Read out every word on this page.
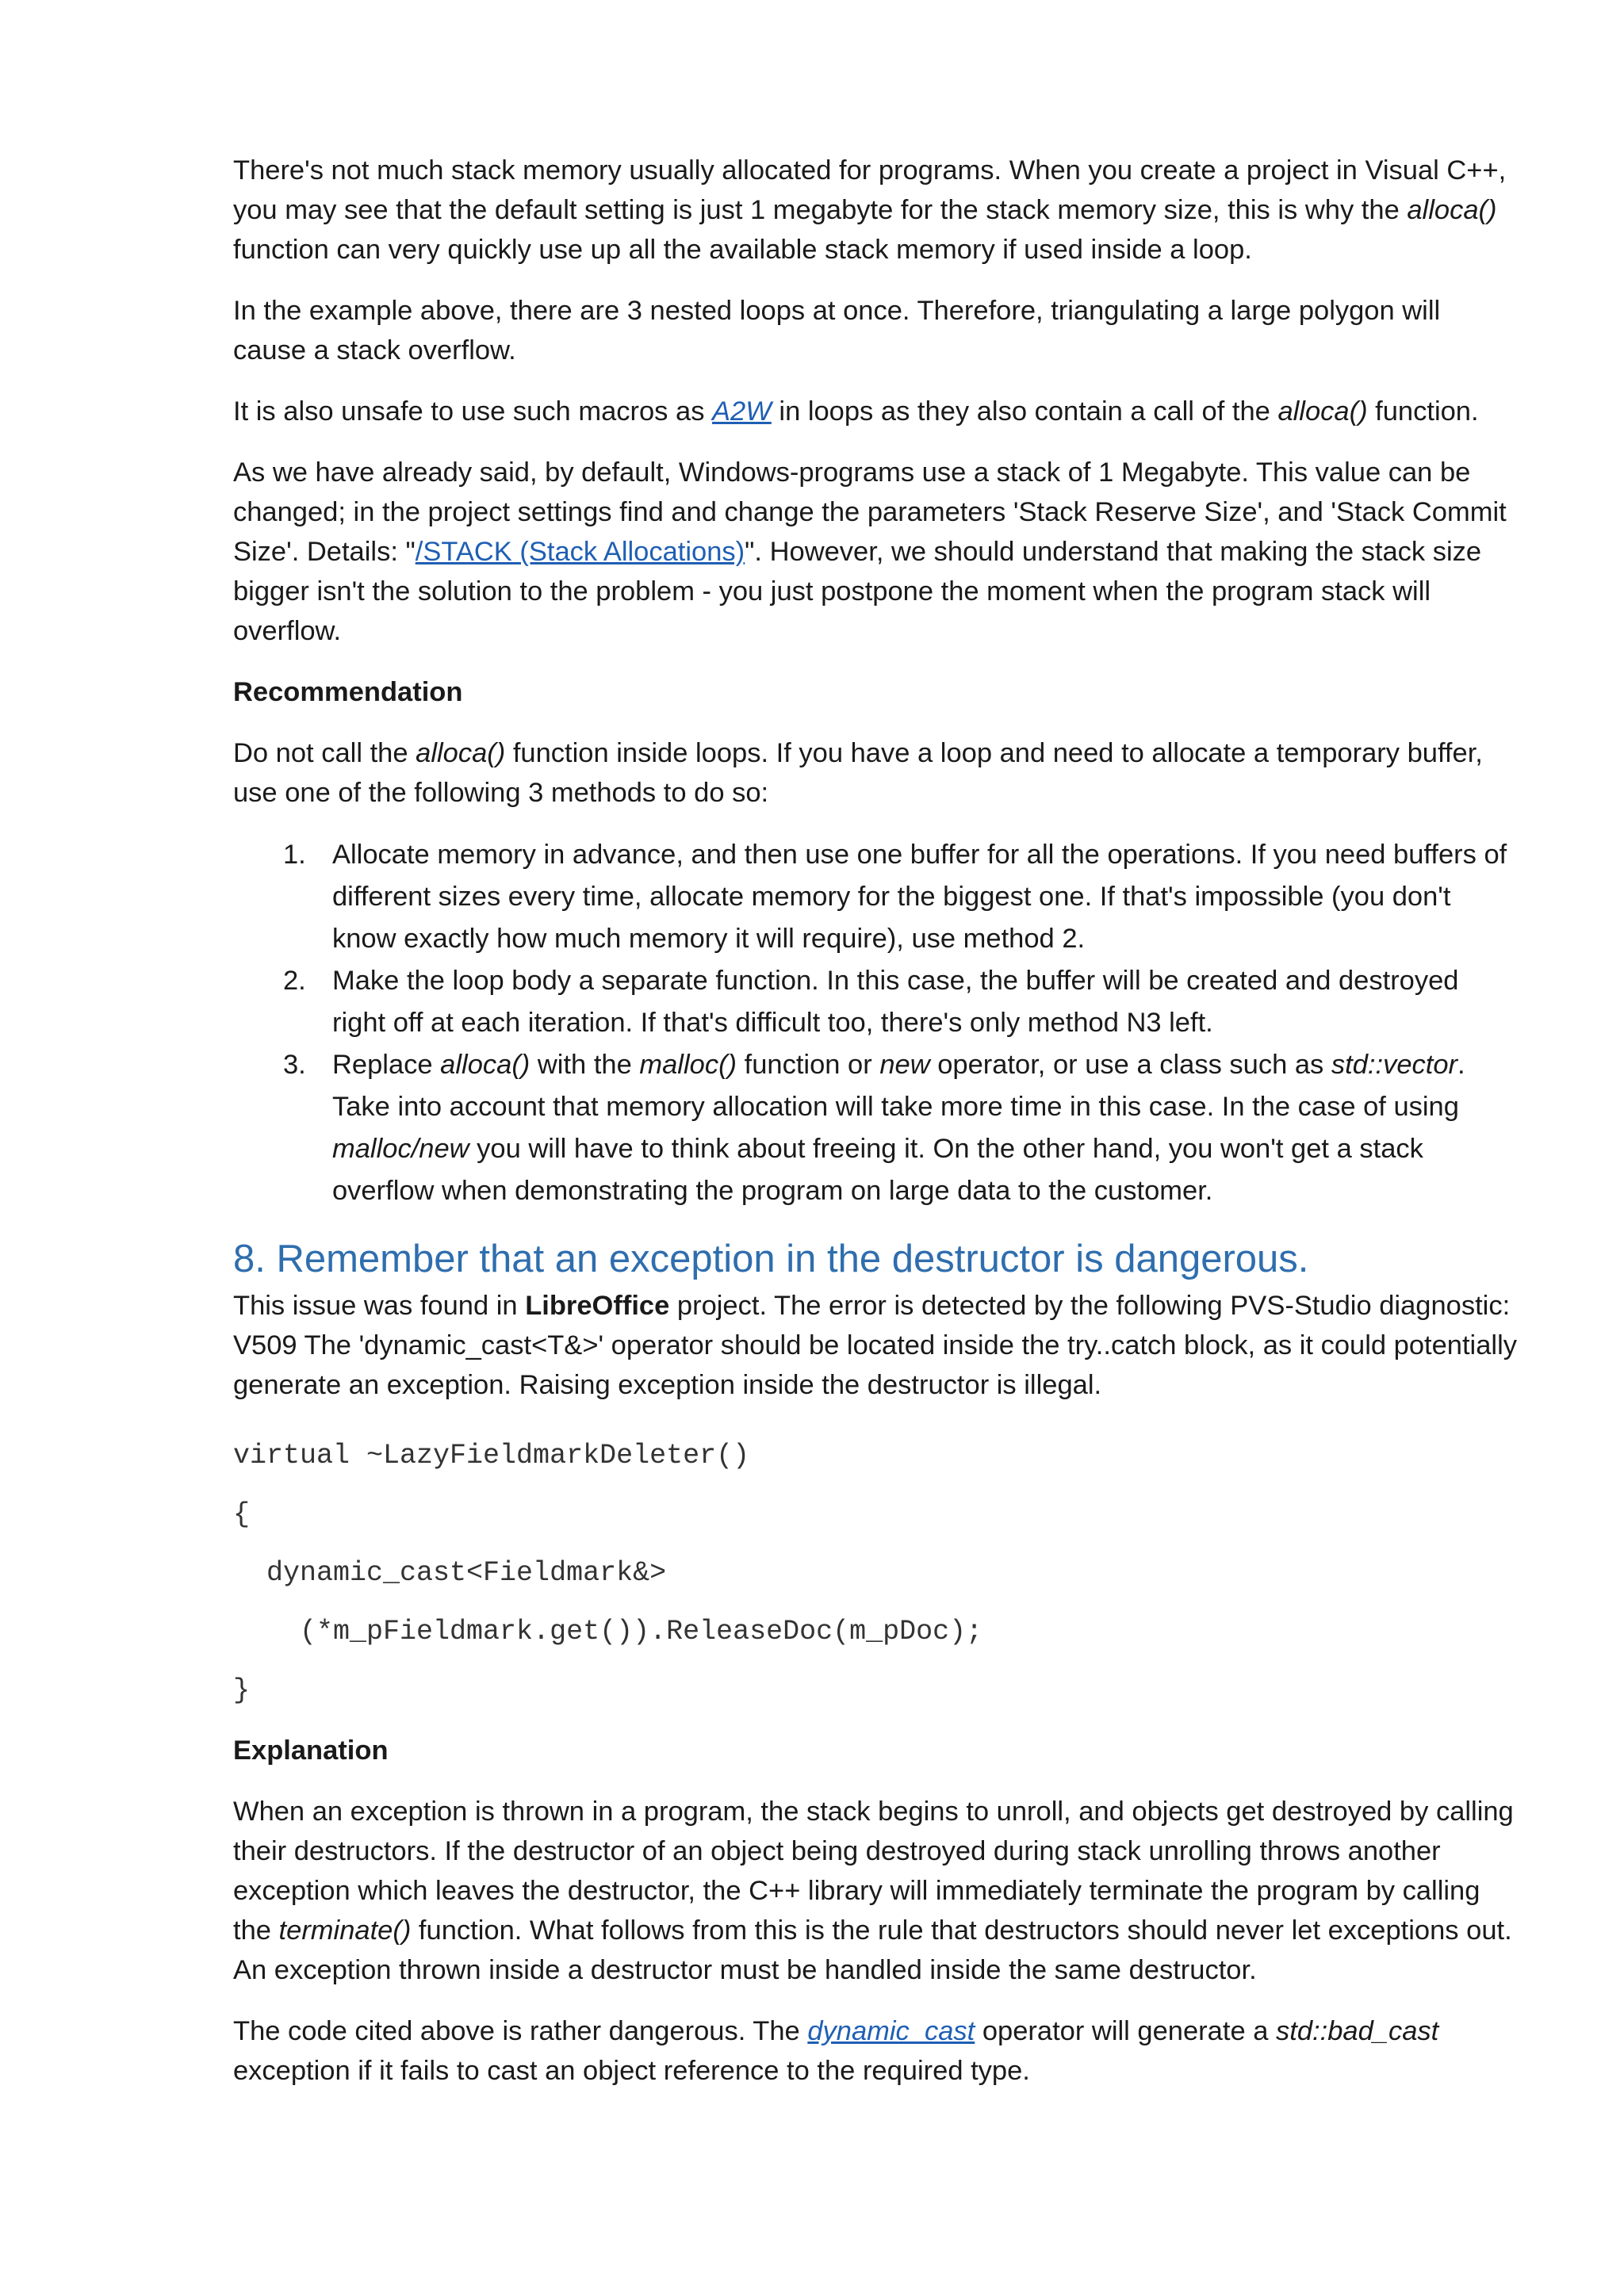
There's not much stack memory usually allocated for programs. When you create a project in Visual C++, you may see that the default setting is just 1 megabyte for the stack memory size, this is why the alloca() function can very quickly use up all the available stack memory if used inside a loop.

In the example above, there are 3 nested loops at once. Therefore, triangulating a large polygon will cause a stack overflow.

It is also unsafe to use such macros as A2W in loops as they also contain a call of the alloca() function.

As we have already said, by default, Windows-programs use a stack of 1 Megabyte. This value can be changed; in the project settings find and change the parameters 'Stack Reserve Size', and 'Stack Commit Size'. Details: "/STACK (Stack Allocations)". However, we should understand that making the stack size bigger isn't the solution to the problem - you just postpone the moment when the program stack will overflow.

Recommendation

Do not call the alloca() function inside loops. If you have a loop and need to allocate a temporary buffer, use one of the following 3 methods to do so:

1. Allocate memory in advance, and then use one buffer for all the operations. If you need buffers of different sizes every time, allocate memory for the biggest one. If that's impossible (you don't know exactly how much memory it will require), use method 2.
2. Make the loop body a separate function. In this case, the buffer will be created and destroyed right off at each iteration. If that's difficult too, there's only method N3 left.
3. Replace alloca() with the malloc() function or new operator, or use a class such as std::vector. Take into account that memory allocation will take more time in this case. In the case of using malloc/new you will have to think about freeing it. On the other hand, you won't get a stack overflow when demonstrating the program on large data to the customer.
8. Remember that an exception in the destructor is dangerous.

This issue was found in LibreOffice project. The error is detected by the following PVS-Studio diagnostic: V509 The 'dynamic_cast<T&>' operator should be located inside the try..catch block, as it could potentially generate an exception. Raising exception inside the destructor is illegal.

virtual ~LazyFieldmarkDeleter()
{
dynamic_cast<Fieldmark&>
(*m_pFieldmark.get()).ReleaseDoc(m_pDoc);
}
Explanation

When an exception is thrown in a program, the stack begins to unroll, and objects get destroyed by calling their destructors. If the destructor of an object being destroyed during stack unrolling throws another exception which leaves the destructor, the C++ library will immediately terminate the program by calling the terminate() function. What follows from this is the rule that destructors should never let exceptions out. An exception thrown inside a destructor must be handled inside the same destructor.

The code cited above is rather dangerous. The dynamic_cast operator will generate a std::bad_cast exception if it fails to cast an object reference to the required type.
